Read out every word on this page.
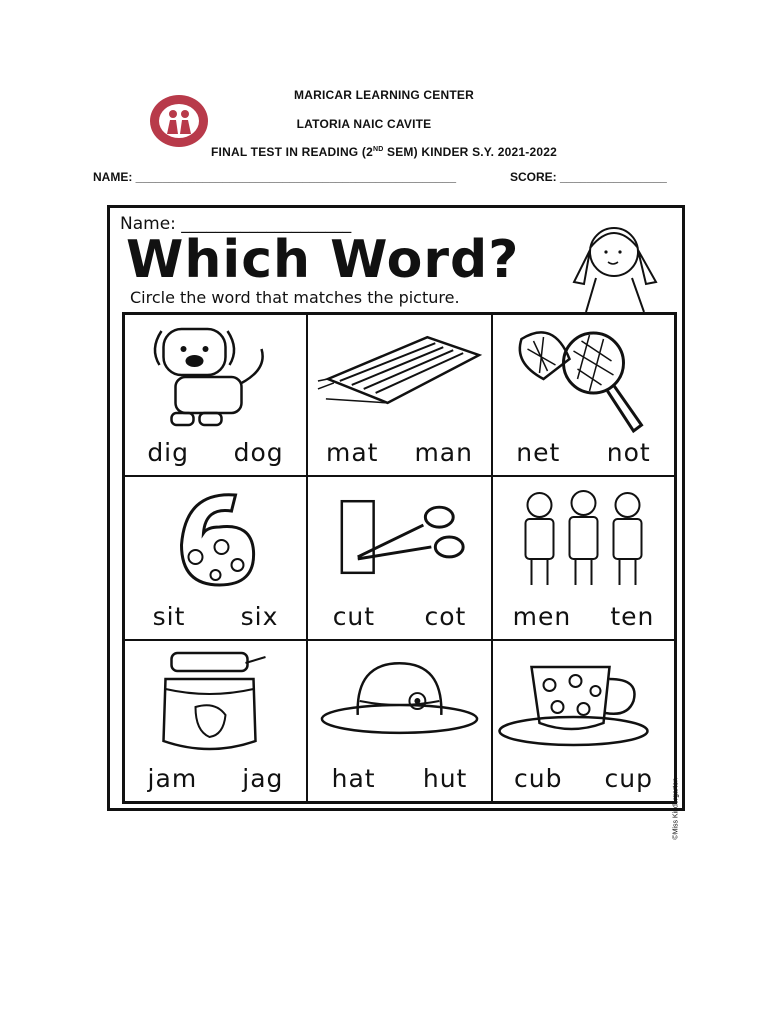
MARICAR LEARNING CENTER
LATORIA NAIC CAVITE
FINAL TEST IN READING (2ND SEM) KINDER S.Y. 2021-2022
NAME: ________________________________________________	SCORE: ________________
Name: ____________________
Which Word?
Circle the word that matches the picture.
dig dog mat man net not
sit six cut cot men ten
jam jag hat hut cub cup	©Miss Kindergarten
